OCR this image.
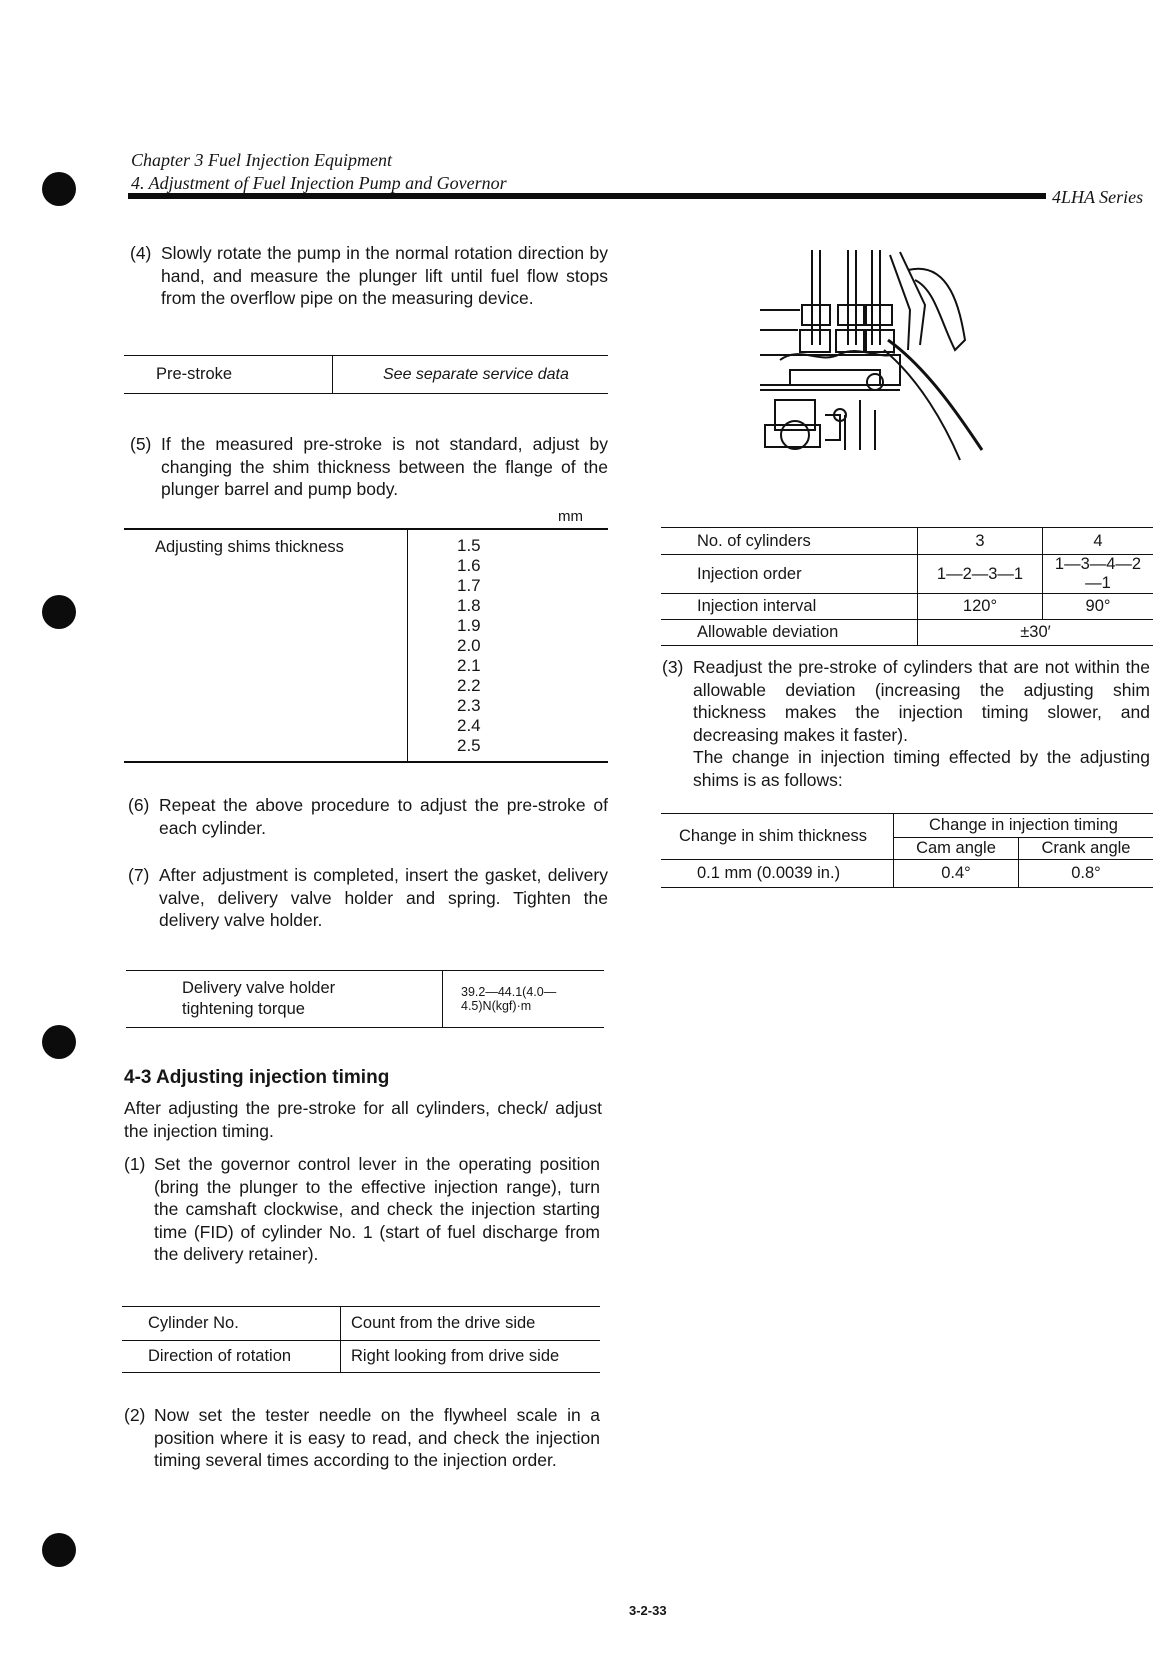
Chapter 3 Fuel Injection Equipment
4. Adjustment of Fuel Injection Pump and Governor
4LHA Series
(4) Slowly rotate the pump in the normal rotation direction by hand, and measure the plunger lift until fuel flow stops from the overflow pipe on the measuring device.
Pre-stroke	See separate service data
(5) If the measured pre-stroke is not standard, adjust by changing the shim thickness between the flange of the plunger barrel and pump body.
mm
Adjusting shims thickness	1.5
1.6
1.7
1.8
1.9
2.0
2.1
2.2
2.3
2.4
2.5
(6) Repeat the above procedure to adjust the pre-stroke of each cylinder.
(7) After adjustment is completed, insert the gasket, delivery valve, delivery valve holder and spring. Tighten the delivery valve holder.
Delivery valve holder
tightening torque
	39.2—44.1(4.0—4.5)N(kgf)·m
4-3 Adjusting injection timing
After adjusting the pre-stroke for all cylinders, check/ adjust the injection timing.
(1) Set the governor control lever in the operating position (bring the plunger to the effective injection range), turn the camshaft clockwise, and check the injection starting time (FID) of cylinder No. 1 (start of fuel discharge from the delivery retainer).
Cylinder No.	Count from the drive side
Direction of rotation	Right looking from drive side
(2) Now set the tester needle on the flywheel scale in a position where it is easy to read, and check the injection timing several times according to the injection order.
No. of cylinders	3	4
Injection order	1—2—3—1	1—3—4—2—1
Injection interval	120°	90°
Allowable deviation	±30′	
(3) Readjust the pre-stroke of cylinders that are not within the allowable deviation (increasing the adjusting shim thickness makes the injection timing slower, and decreasing makes it faster).
The change in injection timing effected by the adjusting shims is as follows:
Change in shim thickness	Change in injection timing	
	Cam angle	Crank angle
0.1 mm (0.0039 in.)	0.4°	0.8°
3-2-33
